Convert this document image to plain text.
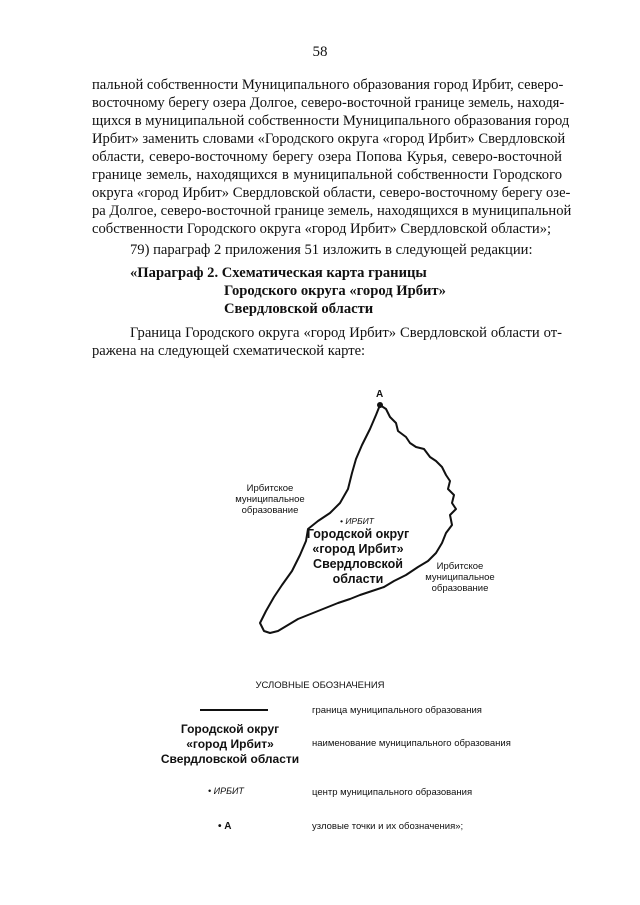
58
пальной собственности Муниципального образования город Ирбит, северо-
восточному берегу озера Долгое, северо-восточной границе земель, находя-
щихся в муниципальной собственности Муниципального образования город
Ирбит» заменить словами «Городского округа «город Ирбит» Свердловской
области, северо-восточному берегу озера Попова Курья, северо-восточной
границе земель, находящихся в муниципальной собственности Городского
округа «город Ирбит» Свердловской области, северо-восточному берегу озе-
ра Долгое, северо-восточной границе земель, находящихся в муниципальной
собственности Городского округа «город Ирбит» Свердловской области»;
79) параграф 2 приложения 51 изложить в следующей редакции:
«Параграф 2. Схематическая карта границы
Городского округа «город Ирбит»
Свердловской области
Граница Городского округа «город Ирбит» Свердловской области от-
ражена на следующей схематической карте:
А
Ирбитское
муниципальное
образование
Ирбитское
муниципальное
образование
• ИРБИТ
Городской округ
«город Ирбит»
Свердловской
области
УСЛОВНЫЕ ОБОЗНАЧЕНИЯ
граница муниципального образования
Городской округ
«город Ирбит»
Свердловской области
наименование муниципального образования
• ИРБИТ	центр муниципального образования
• А	узловые точки и их обозначения»;
